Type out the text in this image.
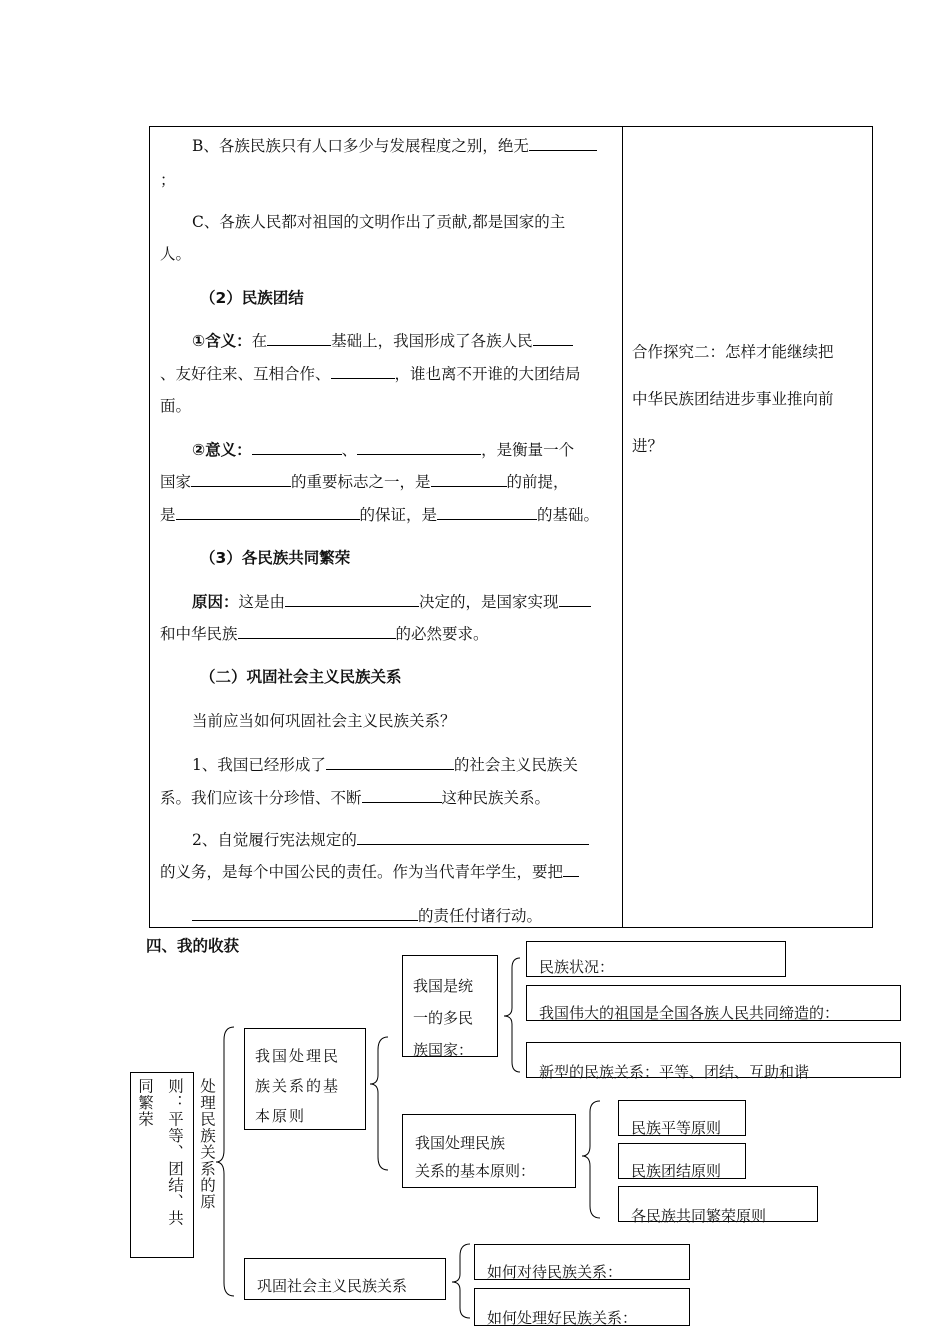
B、各族民族只有人口多少与发展程度之别，绝无
；
C、各族人民都对祖国的文明作出了贡献,都是国家的主
人。
（2）民族团结
①含义：在	基础上，我国形成了各族人民
、友好往来、互相合作、	，谁也离不开谁的大团结局
面。
②意义：	、	，是衡量一个
国家	的重要标志之一，是	的前提，
是	的保证，是	的基础。
（3）各民族共同繁荣
原因：这是由	决定的，是国家实现
和中华民族	的必然要求。
（二）巩固社会主义民族关系
当前应当如何巩固社会主义民族关系？
1、我国已经形成了	的社会主义民族关
系。我们应该十分珍惜、不断	这种民族关系。
2、自觉履行宪法规定的
的义务，是每个中国公民的责任。作为当代青年学生，要把
的责任付诸行动。
合作探究二：怎样才能继续把
中华民族团结进步事业推向前
进？
四、我的收获
处理民族关系的原
则：平等、团结、共
同繁荣
我国处理民
族关系的基
本原则
我国是统
一的多民
族国家：
民族状况：
我国伟大的祖国是全国各族人民共同缔造的：
新型的民族关系：平等、团结、互助和谐
我国处理民族
关系的基本原则：
民族平等原则
民族团结原则
各民族共同繁荣原则
巩固社会主义民族关系
如何对待民族关系：
如何处理好民族关系：
